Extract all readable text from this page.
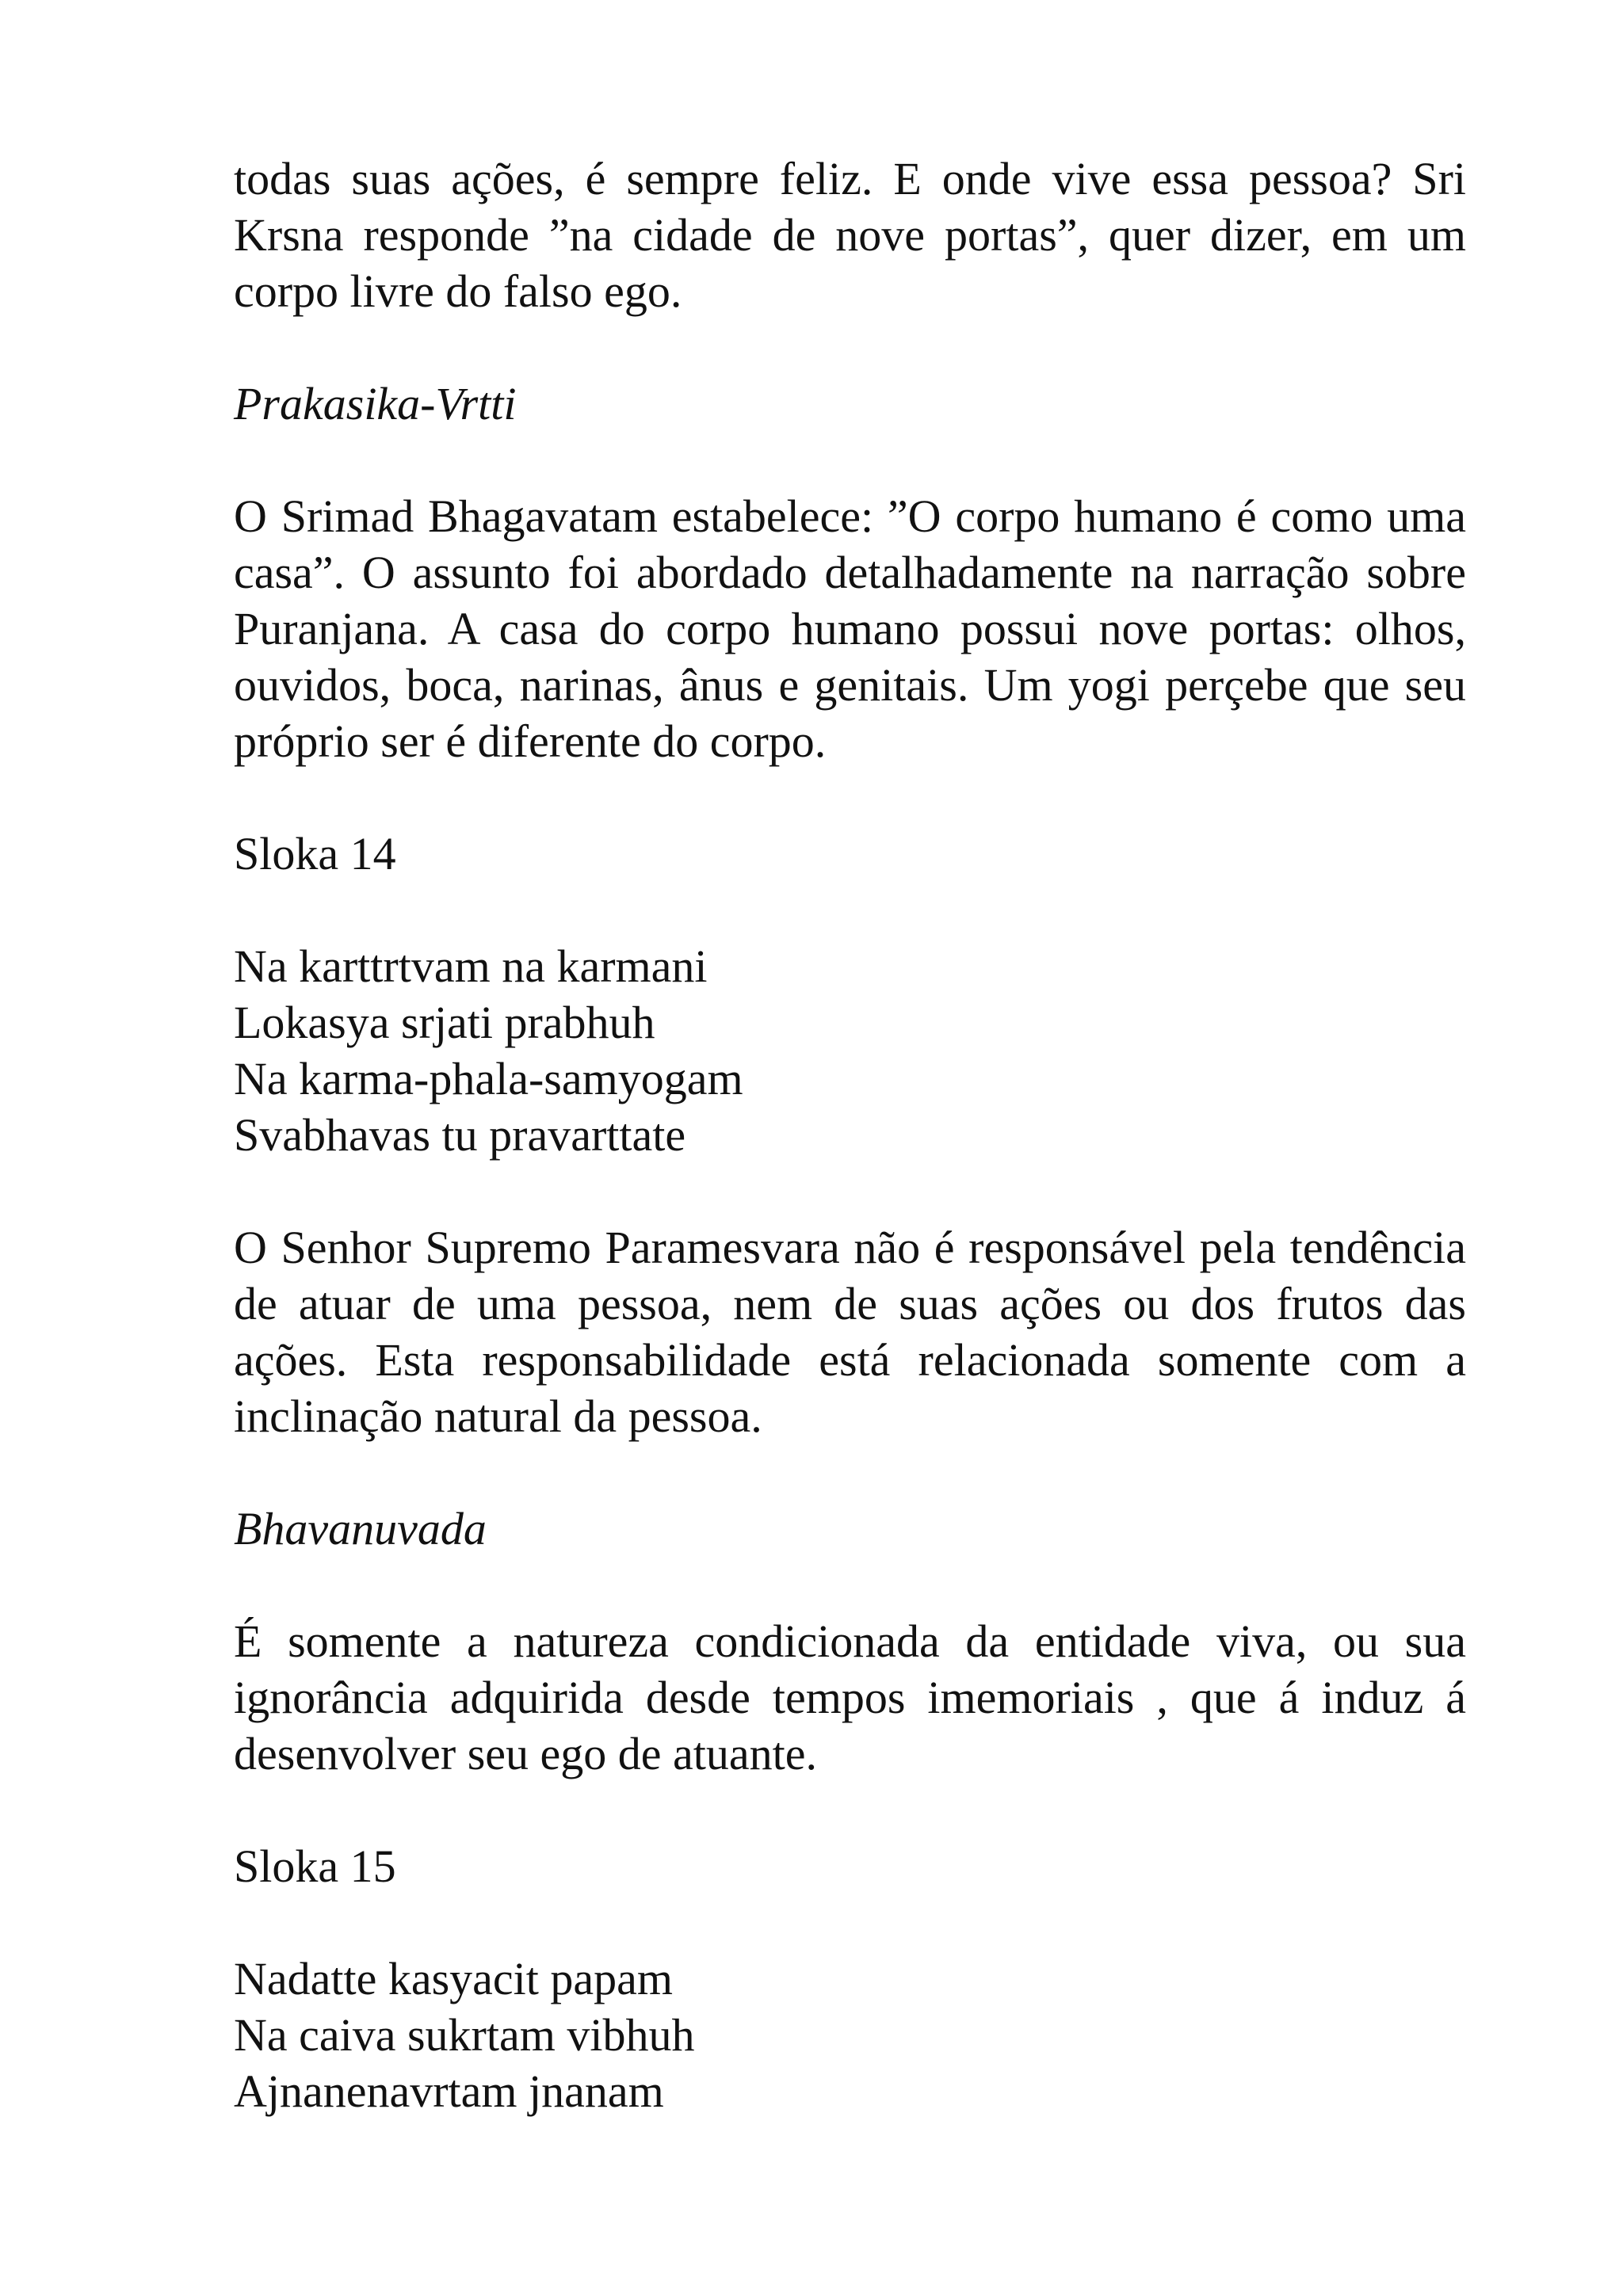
todas suas ações, é sempre feliz. E onde vive essa pessoa? Sri Krsna responde ”na cidade de nove portas”, quer dizer, em um corpo livre do falso ego.

Prakasika-Vrtti

O Srimad Bhagavatam estabelece: ”O corpo humano é como uma casa”. O assunto foi abordado detalhadamente na narração sobre Puranjana. A casa do corpo humano possui nove portas: olhos, ouvidos, boca, narinas, ânus e genitais. Um yogi perçebe que seu próprio ser é diferente do corpo.

Sloka 14

Na karttrtvam na karmani
Lokasya srjati prabhuh
Na karma-phala-samyogam
Svabhavas tu pravarttate

O Senhor Supremo Paramesvara não é responsável pela tendência de atuar de uma pessoa, nem de suas ações ou dos frutos das ações. Esta responsabilidade está relacionada somente com a inclinação natural da pessoa.

Bhavanuvada

É somente a natureza condicionada da entidade viva, ou sua ignorância adquirida desde tempos imemoriais , que á induz á desenvolver seu ego de atuante.

Sloka 15

Nadatte kasyacit papam
Na caiva sukrtam vibhuh
Ajnanenavrtam jnanam
